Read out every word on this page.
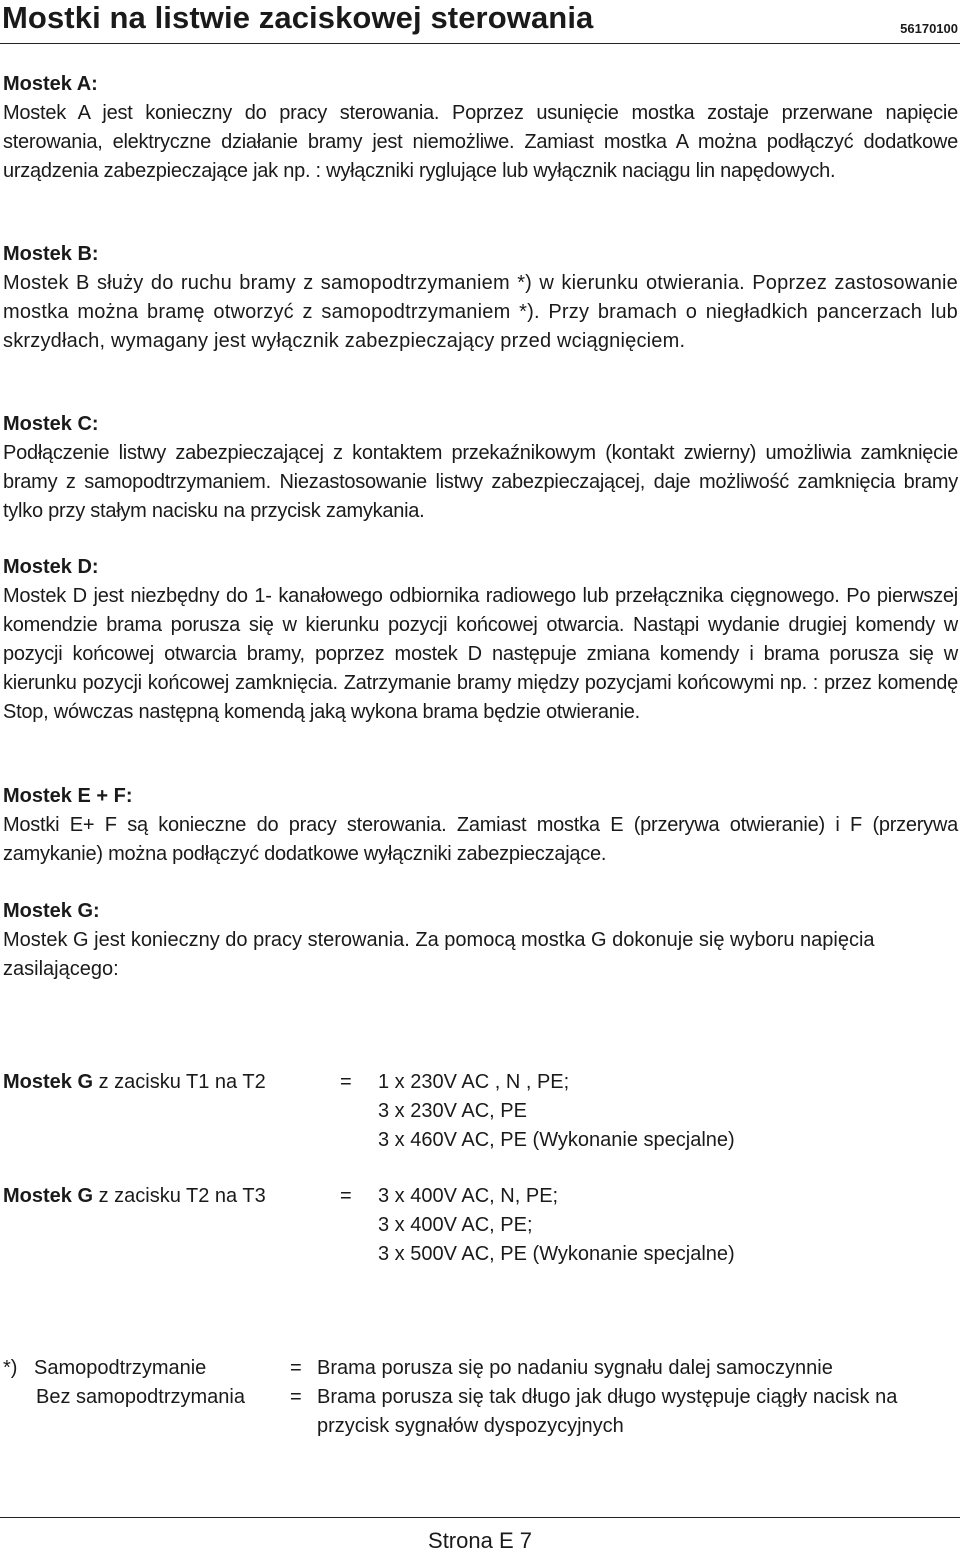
Mostki na listwie zaciskowej sterowania	56170100
Mostek A:
Mostek A jest konieczny do pracy sterowania. Poprzez usunięcie mostka zostaje przerwane napięcie sterowania, elektryczne działanie bramy jest niemożliwe. Zamiast mostka A można podłączyć dodatkowe urządzenia zabezpieczające jak np. : wyłączniki ryglujące lub wyłącznik naciągu lin napędowych.
Mostek B:
Mostek B służy do ruchu bramy z samopodtrzymaniem *) w kierunku otwierania. Poprzez zastosowanie mostka można bramę otworzyć z samopodtrzymaniem *). Przy bramach o niegładkich pancerzach lub skrzydłach, wymagany jest wyłącznik zabezpieczający przed wciągnięciem.
Mostek C:
Podłączenie listwy zabezpieczającej z kontaktem przekaźnikowym (kontakt zwierny) umożliwia zamknięcie bramy z samopodtrzymaniem. Niezastosowanie listwy zabezpieczającej, daje możliwość zamknięcia bramy tylko przy stałym nacisku na przycisk zamykania.
Mostek D:
Mostek D jest niezbędny do 1- kanałowego odbiornika radiowego lub przełącznika cięgnowego. Po pierwszej komendzie brama porusza się w kierunku pozycji końcowej otwarcia. Nastąpi wydanie drugiej komendy w pozycji końcowej otwarcia bramy, poprzez mostek D następuje zmiana komendy i brama porusza się w kierunku pozycji końcowej zamknięcia. Zatrzymanie bramy między pozycjami końcowymi np. : przez komendę Stop, wówczas następną komendą jaką wykona brama będzie otwieranie.
Mostek E + F:
Mostki E+ F są konieczne do pracy sterowania. Zamiast mostka E (przerywa otwieranie) i F (przerywa zamykanie) można podłączyć dodatkowe wyłączniki zabezpieczające.
Mostek G:
Mostek G jest konieczny do pracy sterowania. Za pomocą mostka G dokonuje się wyboru napięcia zasilającego:
Mostek G z zacisku T1 na T2	= 1 x 230V AC , N , PE;
3 x 230V AC, PE
3 x 460V AC, PE (Wykonanie specjalne)
Mostek G z zacisku T2 na T3	= 3 x 400V AC, N, PE;
3 x 400V AC, PE;
3 x 500V AC, PE (Wykonanie specjalne)
*) Samopodtrzymanie	= Brama porusza się po nadaniu sygnału dalej samoczynnie
Bez samopodtrzymania = Brama porusza się tak długo jak długo występuje ciągły nacisk na przycisk sygnałów dyspozycyjnych
Strona E 7
